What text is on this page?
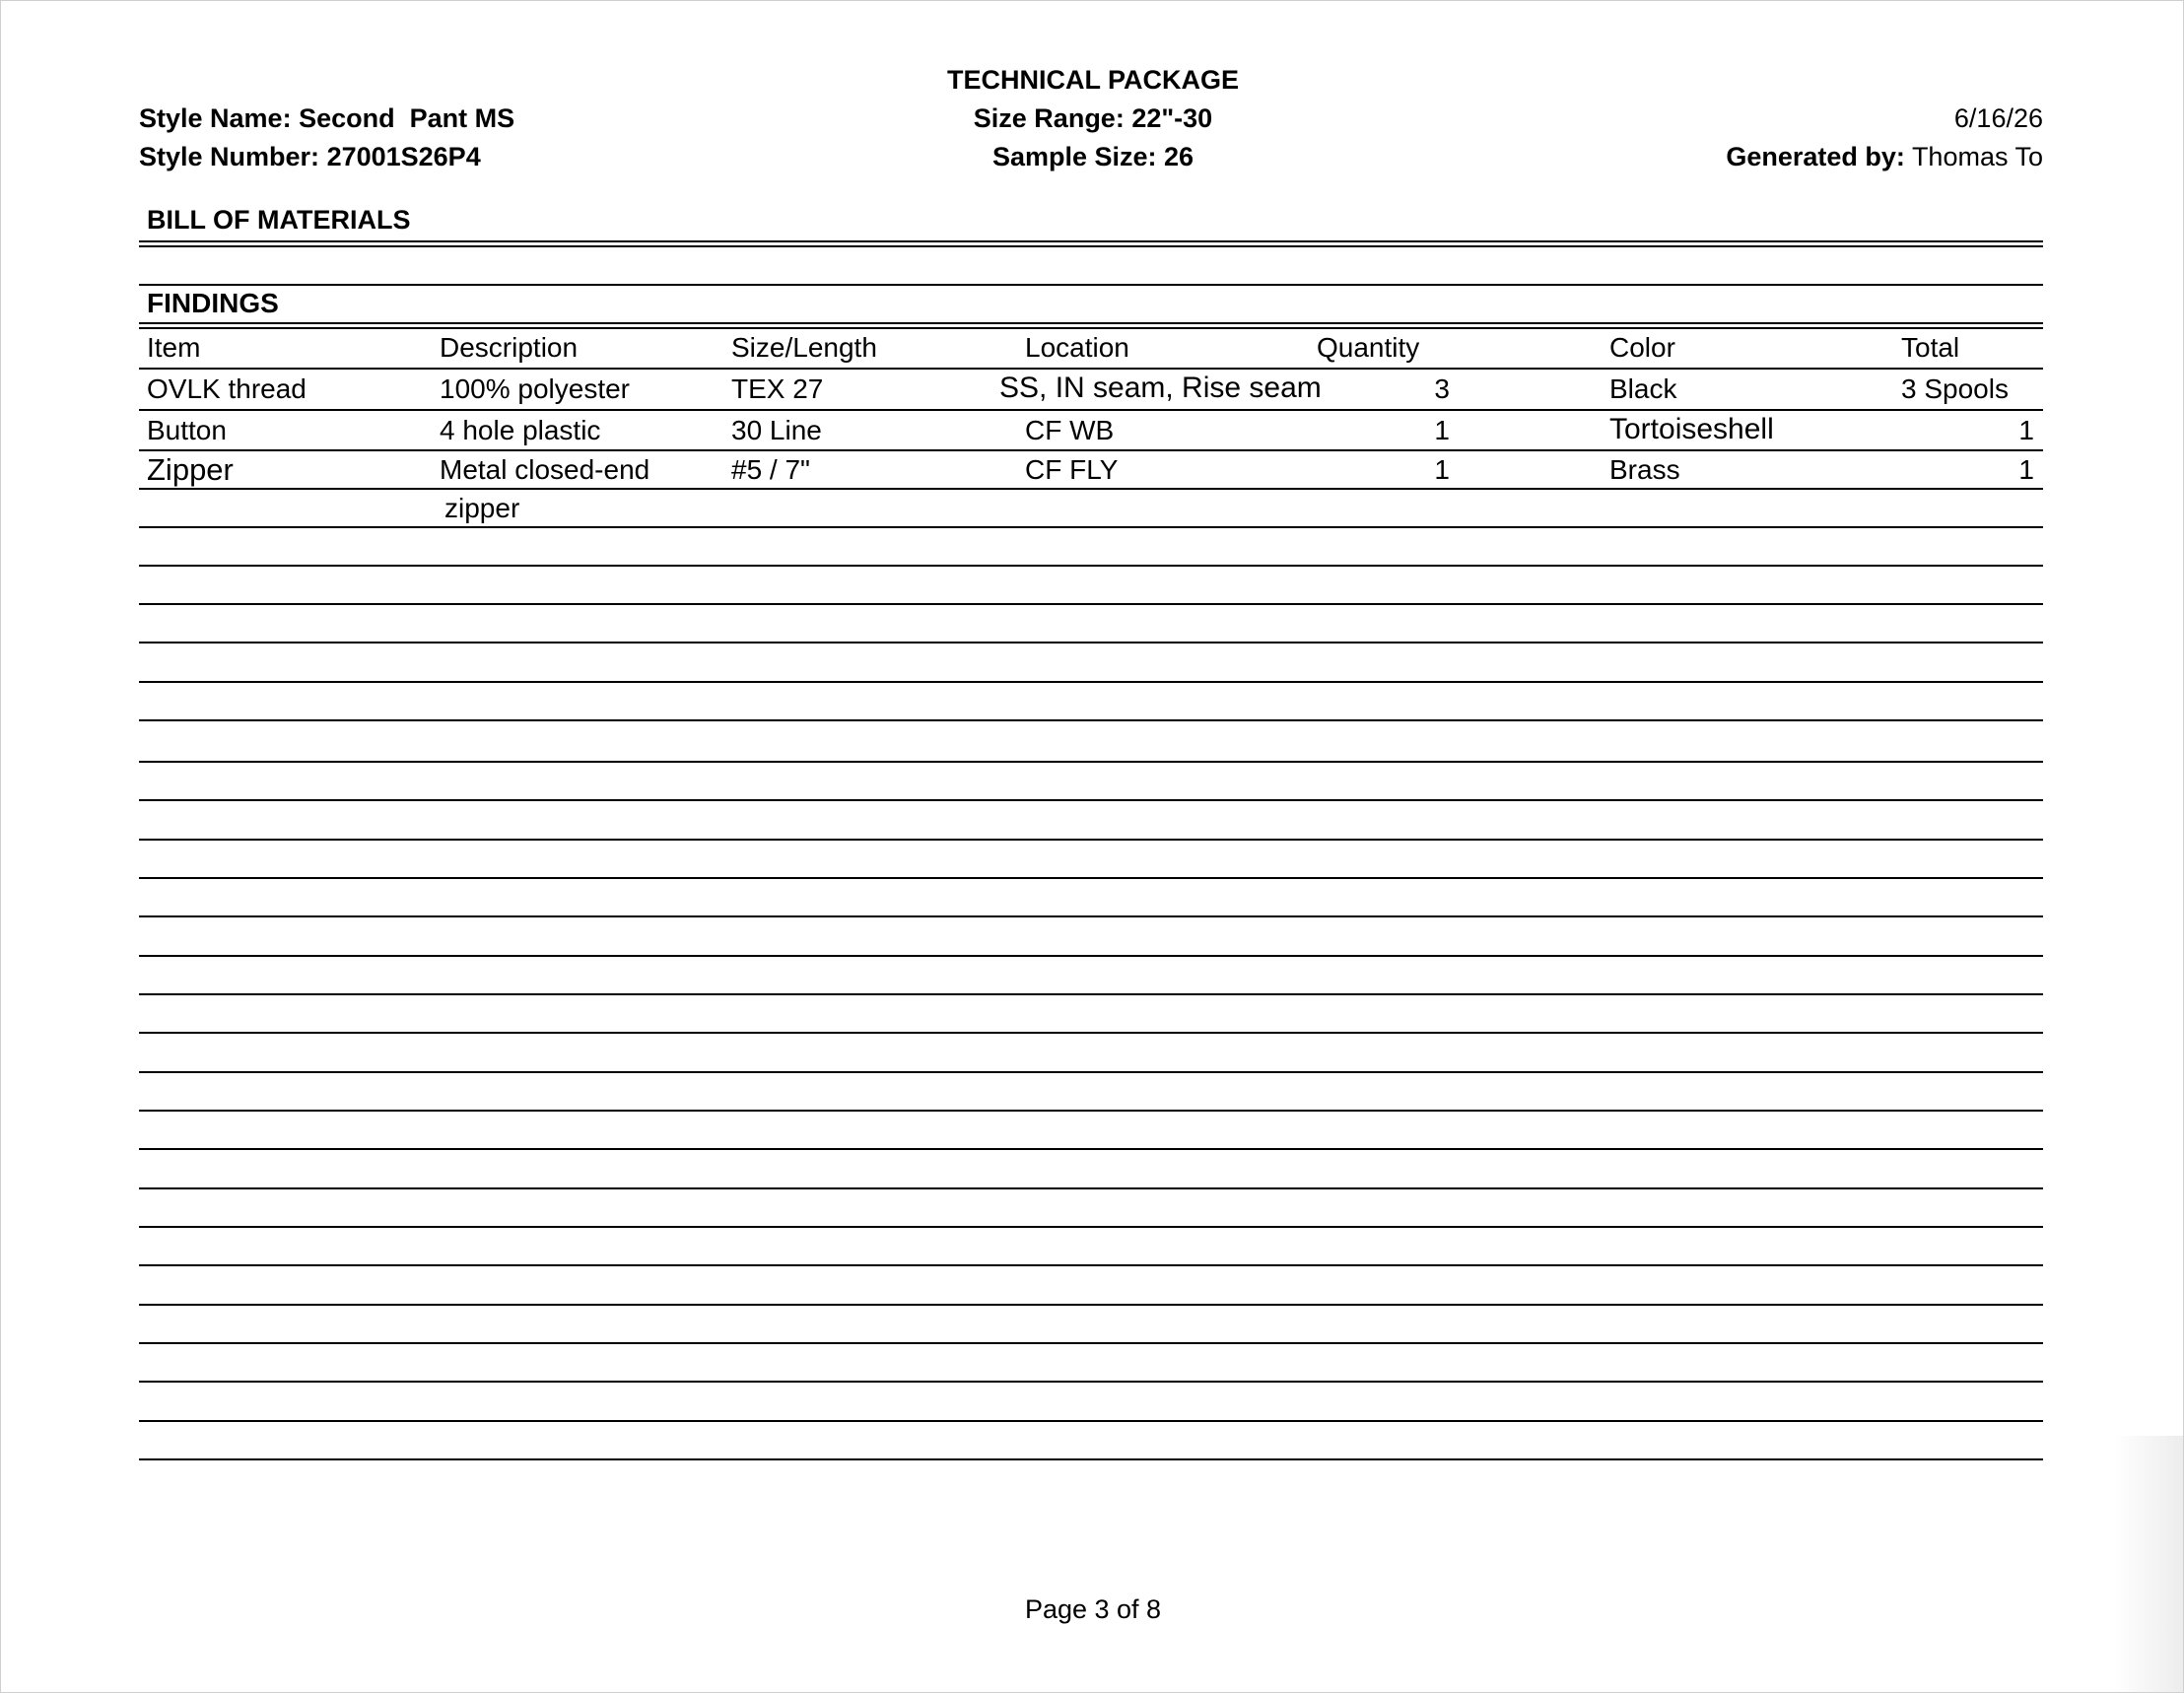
Style Name: Second  Pant MS
Style Number: 27001S26P4
TECHNICAL PACKAGE
Size Range: 22"-30
Sample Size: 26
6/16/26
Generated by: Thomas To
BILL OF MATERIALS
FINDINGS
Item	Description	Size/Length	Location	Quantity	Color	Total
OVLK thread	100% polyester	TEX 27	SS, IN seam, Rise seam	3	Black	3 Spools
Button	4 hole plastic	30 Line	CF WB	1	Tortoiseshell	1
Zipper	Metal closed-end	#5 / 7"	CF FLY	1	Brass	1
zipper
Page 3 of 8
